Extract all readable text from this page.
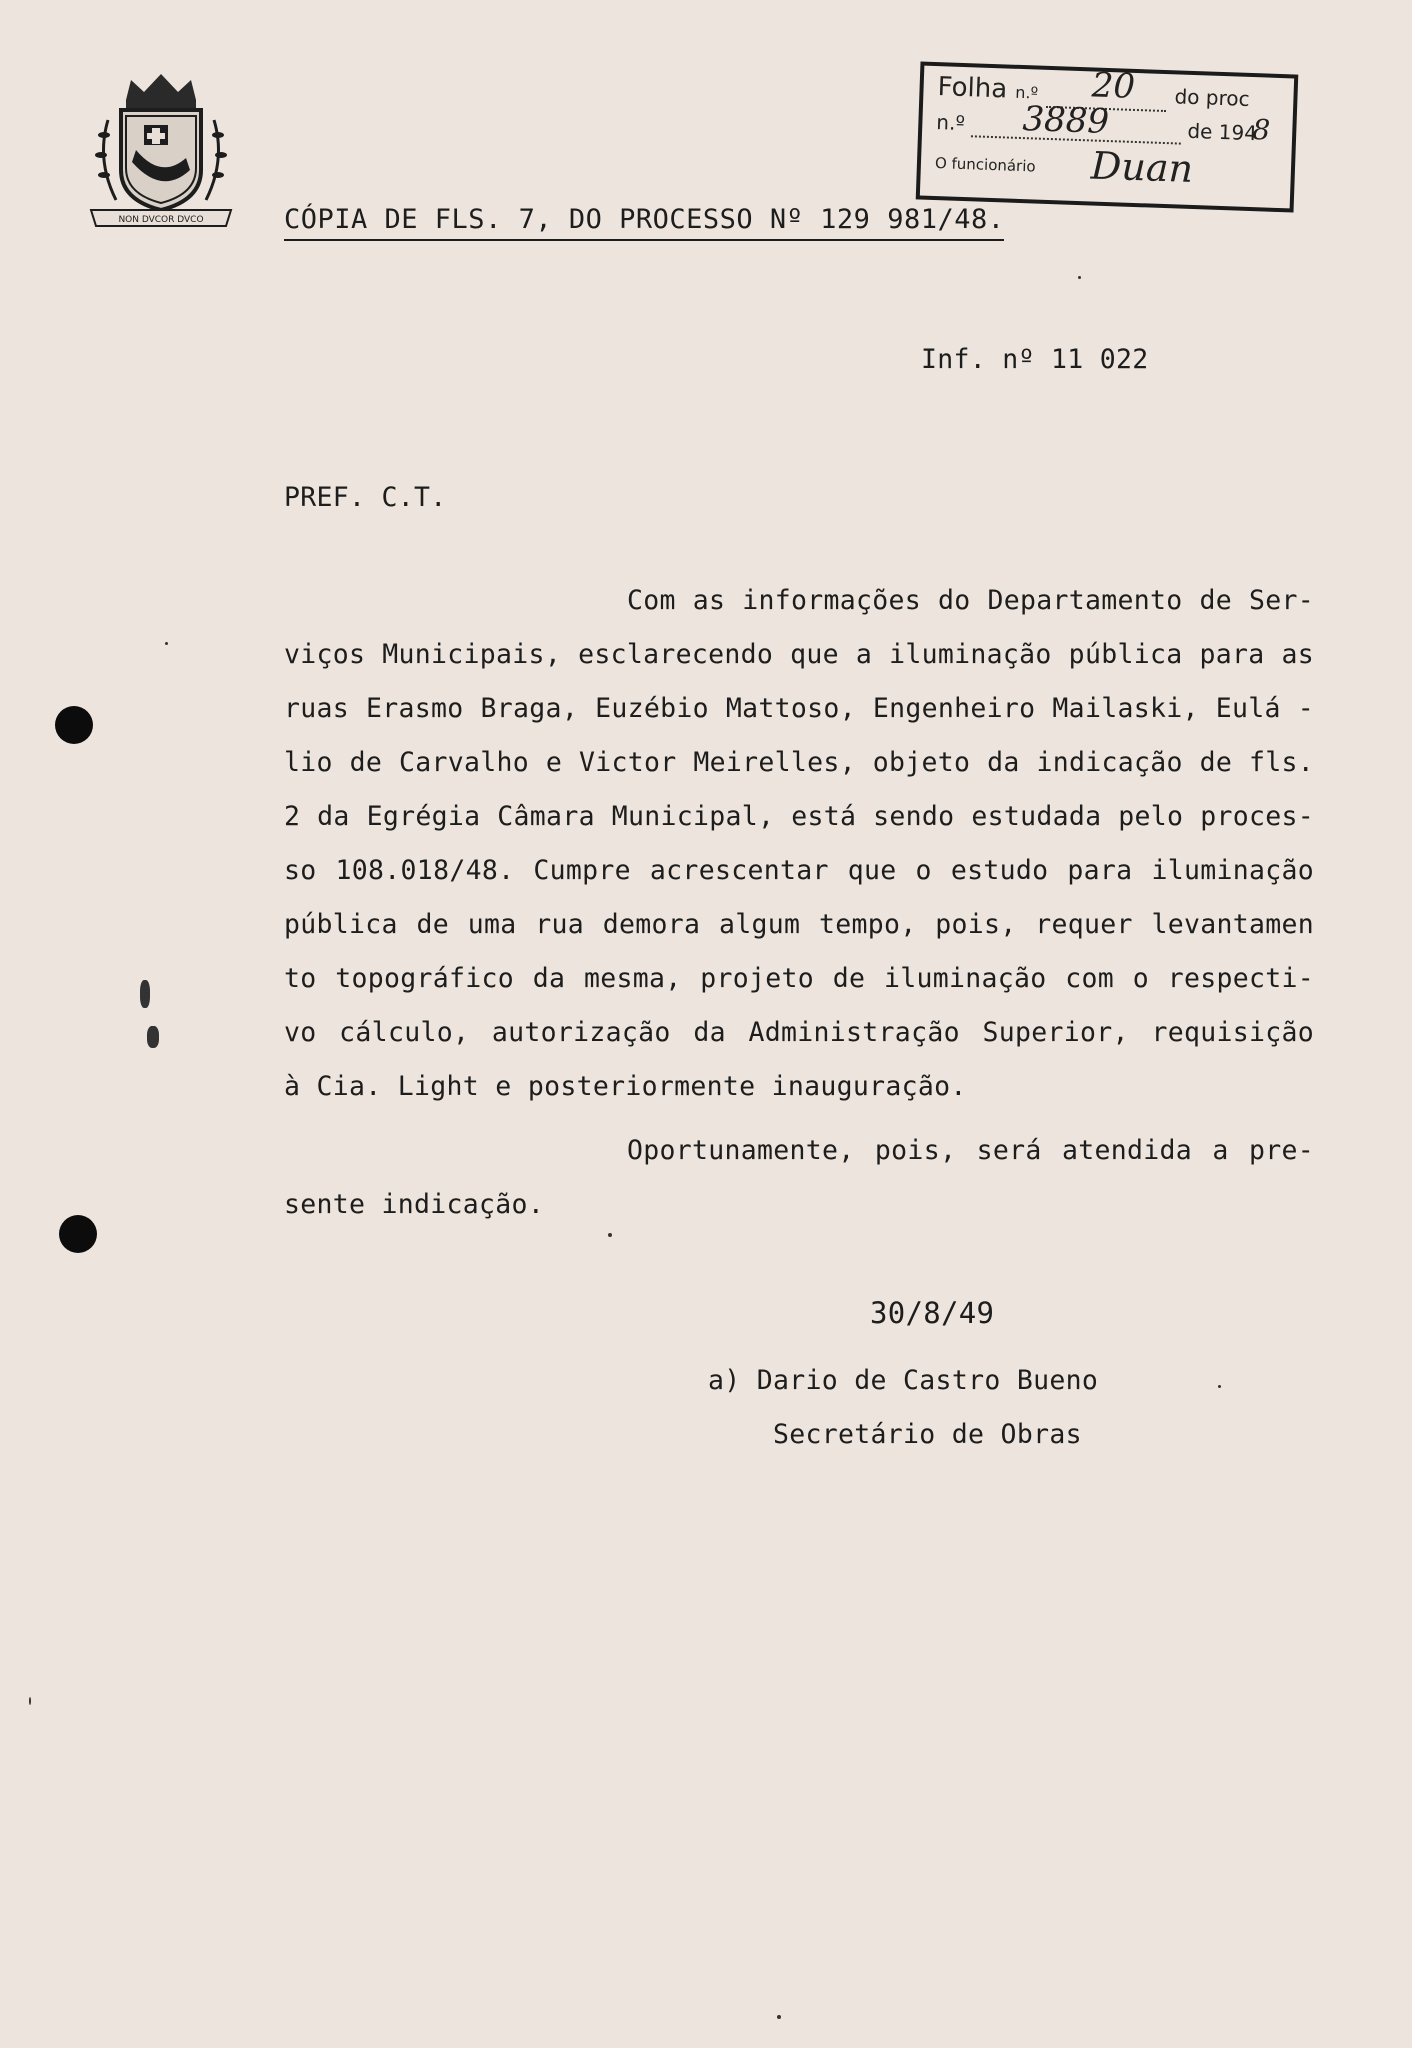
NON DVCOR DVCO
Folha n.º	do proc
20
n.º	de 194
3889	8
O funcionário Duan
CÓPIA DE FLS. 7, DO PROCESSO Nº 129 981/48.
Inf. nº 11 022
PREF. C.T.
Com as informações do Departamento de Ser-
viços Municipais, esclarecendo que a iluminação pública para as
ruas Erasmo Braga, Euzébio Mattoso, Engenheiro Mailaski, Eulá -
lio de Carvalho e Victor Meirelles, objeto da indicação de fls.
2 da Egrégia Câmara Municipal, está sendo estudada pelo proces-
so 108.018/48. Cumpre acrescentar que o estudo para iluminação
pública de uma rua demora algum tempo, pois, requer levantamen
to topográfico da mesma, projeto de iluminação com o respecti-
vo cálculo, autorização da Administração Superior, requisição
à Cia. Light e posteriormente inauguração.
Oportunamente, pois, será atendida a pre-
sente indicação.
30/8/49
a) Dario de Castro Bueno
Secretário de Obras
